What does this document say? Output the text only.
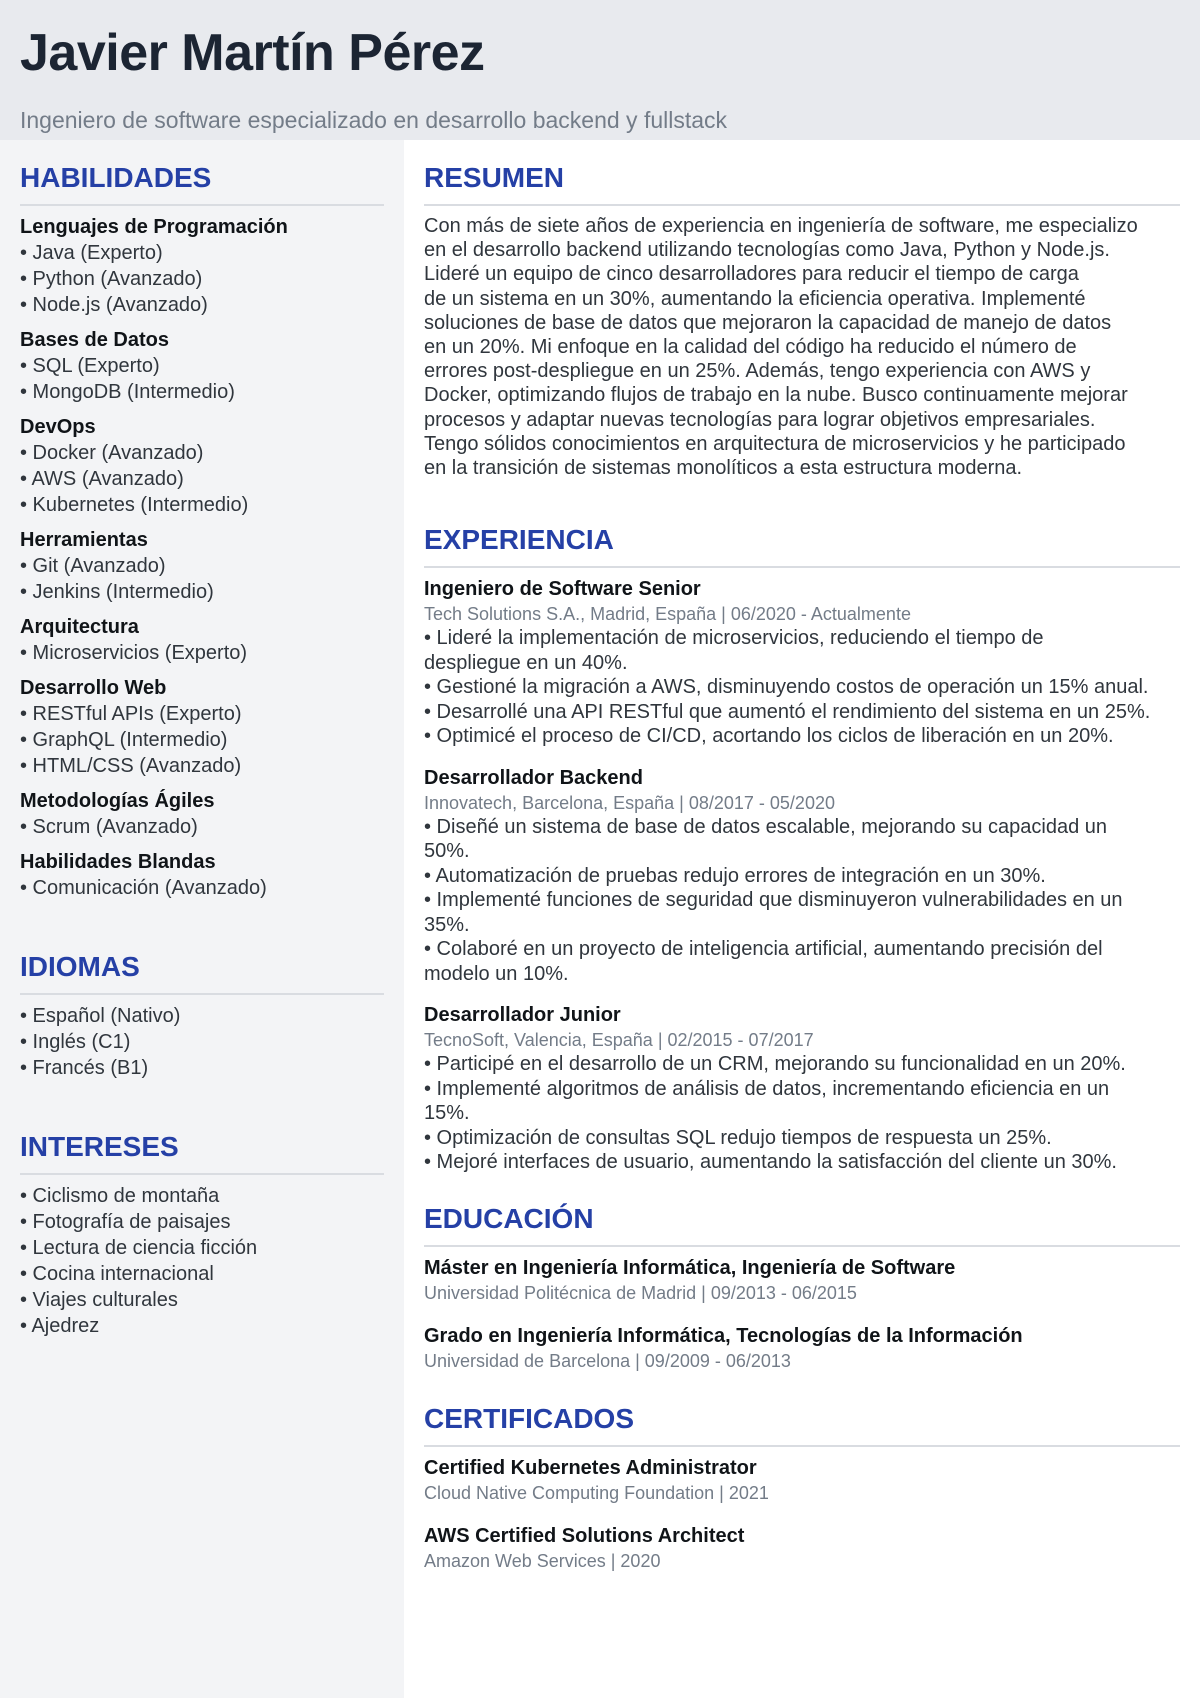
Javier Martín Pérez
Ingeniero de software especializado en desarrollo backend y fullstack
HABILIDADES
Lenguajes de Programación
• Java (Experto)
• Python (Avanzado)
• Node.js (Avanzado)
Bases de Datos
• SQL (Experto)
• MongoDB (Intermedio)
DevOps
• Docker (Avanzado)
• AWS (Avanzado)
• Kubernetes (Intermedio)
Herramientas
• Git (Avanzado)
• Jenkins (Intermedio)
Arquitectura
• Microservicios (Experto)
Desarrollo Web
• RESTful APIs (Experto)
• GraphQL (Intermedio)
• HTML/CSS (Avanzado)
Metodologías Ágiles
• Scrum (Avanzado)
Habilidades Blandas
• Comunicación (Avanzado)
IDIOMAS
• Español (Nativo)
• Inglés (C1)
• Francés (B1)
INTERESES
• Ciclismo de montaña
• Fotografía de paisajes
• Lectura de ciencia ficción
• Cocina internacional
• Viajes culturales
• Ajedrez
RESUMEN
Con más de siete años de experiencia en ingeniería de software, me especializo
en el desarrollo backend utilizando tecnologías como Java, Python y Node.js.
Lideré un equipo de cinco desarrolladores para reducir el tiempo de carga
de un sistema en un 30%, aumentando la eficiencia operativa. Implementé
soluciones de base de datos que mejoraron la capacidad de manejo de datos
en un 20%. Mi enfoque en la calidad del código ha reducido el número de
errores post-despliegue en un 25%. Además, tengo experiencia con AWS y
Docker, optimizando flujos de trabajo en la nube. Busco continuamente mejorar
procesos y adaptar nuevas tecnologías para lograr objetivos empresariales.
Tengo sólidos conocimientos en arquitectura de microservicios y he participado
en la transición de sistemas monolíticos a esta estructura moderna.
EXPERIENCIA
Ingeniero de Software Senior
Tech Solutions S.A., Madrid, España | 06/2020 - Actualmente
• Lideré la implementación de microservicios, reduciendo el tiempo de
despliegue en un 40%.
• Gestioné la migración a AWS, disminuyendo costos de operación un 15% anual.
• Desarrollé una API RESTful que aumentó el rendimiento del sistema en un 25%.
• Optimicé el proceso de CI/CD, acortando los ciclos de liberación en un 20%.
Desarrollador Backend
Innovatech, Barcelona, España | 08/2017 - 05/2020
• Diseñé un sistema de base de datos escalable, mejorando su capacidad un
50%.
• Automatización de pruebas redujo errores de integración en un 30%.
• Implementé funciones de seguridad que disminuyeron vulnerabilidades en un
35%.
• Colaboré en un proyecto de inteligencia artificial, aumentando precisión del
modelo un 10%.
Desarrollador Junior
TecnoSoft, Valencia, España | 02/2015 - 07/2017
• Participé en el desarrollo de un CRM, mejorando su funcionalidad en un 20%.
• Implementé algoritmos de análisis de datos, incrementando eficiencia en un
15%.
• Optimización de consultas SQL redujo tiempos de respuesta un 25%.
• Mejoré interfaces de usuario, aumentando la satisfacción del cliente un 30%.
EDUCACIÓN
Máster en Ingeniería Informática, Ingeniería de Software
Universidad Politécnica de Madrid | 09/2013 - 06/2015
Grado en Ingeniería Informática, Tecnologías de la Información
Universidad de Barcelona | 09/2009 - 06/2013
CERTIFICADOS
Certified Kubernetes Administrator
Cloud Native Computing Foundation | 2021
AWS Certified Solutions Architect
Amazon Web Services | 2020
